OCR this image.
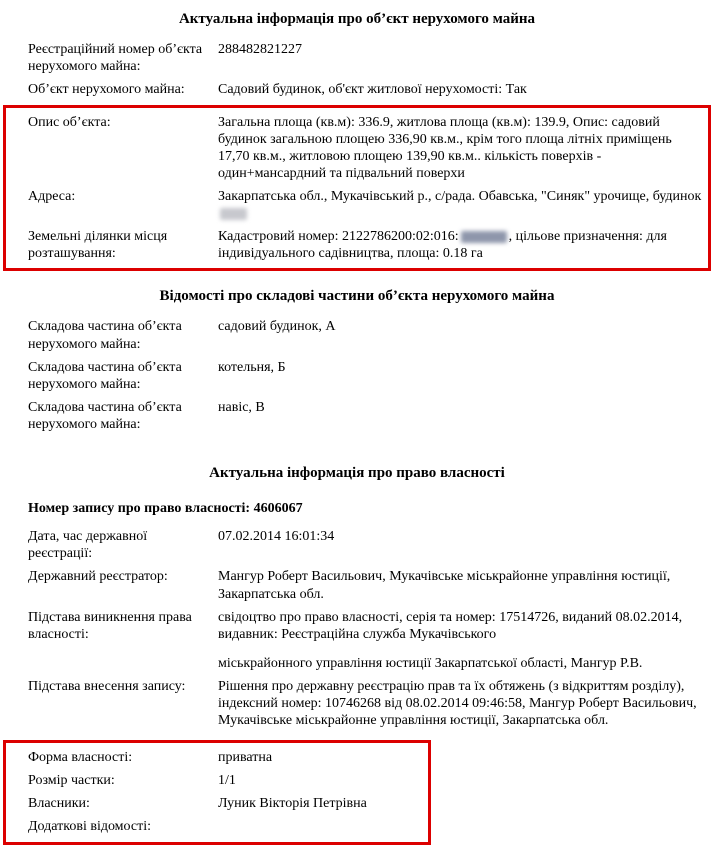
Актуальна інформація про об’єкт нерухомого майна
Реєстраційний номер об’єкта нерухомого майна:
288482821227
Об’єкт нерухомого майна:	Садовий будинок, об'єкт житлової нерухомості: Так
Опис об’єкта:	Загальна площа (кв.м): 336.9, житлова площа (кв.м): 139.9, Опис: садовий будинок загальною площею 336,90 кв.м., крім того площа літніх приміщень 17,70 кв.м., житловою площею 139,90 кв.м.. кількість поверхів - один+мансардний та підвальний поверхи
Адреса:	Закарпатська обл., Мукачівський р., с/рада. Обавська, "Синяк" урочище, будинок
Земельні ділянки місця розташування:
Кадастровий номер: 2122786200:02:016:	, цільове призначення: для індивідуального садівництва, площа: 0.18 га
Відомості про складові частини об’єкта нерухомого майна
Складова частина об’єкта нерухомого майна:
садовий будинок, А
Складова частина об’єкта нерухомого майна:
котельня, Б
Складова частина об’єкта нерухомого майна:
навіс, В
Актуальна інформація про право власності
Номер запису про право власності: 4606067
Дата, час державної реєстрації:
07.02.2014 16:01:34
Державний реєстратор:	Мангур Роберт Васильович, Мукачівське міськрайонне управління юстиції, Закарпатська обл.
Підстава виникнення права власності:
свідоцтво про право власності, серія та номер: 17514726, виданий 08.02.2014, видавник: Реєстраційна служба Мукачівського
міськрайонного управління юстиції Закарпатської області, Мангур Р.В.
Підстава внесення запису:	Рішення про державну реєстрацію прав та їх обтяжень (з відкриттям розділу), індексний номер: 10746268 від 08.02.2014 09:46:58, Мангур Роберт Васильович, Мукачівське міськрайонне управління юстиції, Закарпатська обл.
Форма власності:	приватна
Розмір частки:	1/1
Власники:	Луник Вікторія Петрівна
Додаткові відомості:
